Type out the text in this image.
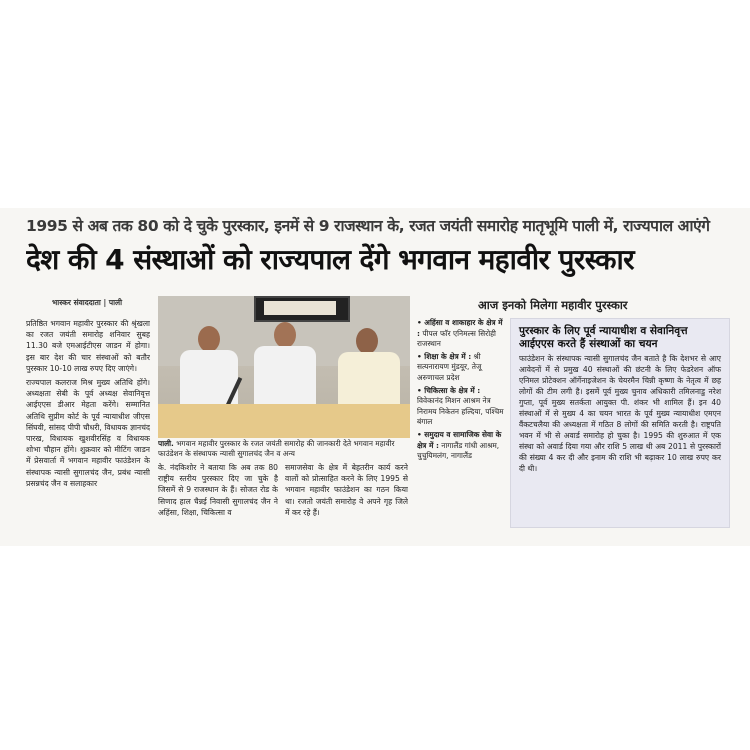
1995 से अब तक 80 को दे चुके पुरस्कार, इनमें से 9 राजस्थान के, रजत जयंती समारोह मातृभूमि पाली में, राज्यपाल आएंगे
देश की 4 संस्थाओं को राज्यपाल देंगे भगवान महावीर पुरस्कार
भास्कर संवाददाता | पाली

प्रतिष्ठित भगवान महावीर पुरस्कार की श्रृंखला का रजत जयंती समारोह शनिवार सुबह 11.30 बजे एमआईटीएस जाडन में होगा। इस बार देश की चार संस्थाओं को बतौर पुरस्कार 10-10 लाख रुपए दिए जाएंगे।

राज्यपाल कलराज मिश्र मुख्य अतिथि होंगे। अध्यक्षता सेबी के पूर्व अध्यक्ष सेवानिवृत्त आईएएस डीआर मेहता करेंगे। सम्मानित अतिथि सुप्रीम कोर्ट के पूर्व न्यायाधीश जीएस सिंघवी, सांसद पीपी चौधरी, विधायक ज्ञानचंद पारख, विधायक खुशवीरसिंह व विधायक शोभा चौहान होंगे। शुक्रवार को मीटिंग जाडन में प्रेसवार्ता में भगवान महावीर फाउंडेशन के संस्थापक न्यासी सुगालचंद जैन, प्रबंध न्यासी प्रसन्नचंद जैन व सलाहकार

पाली. भगवान महावीर पुरस्कार के रजत जयंती समारोह की जानकारी देते भगवान महावीर फाउंडेशन के संस्थापक न्यासी सुगालचंद जैन व अन्य
के. नंदकिशोर ने बताया कि अब तक 80 राष्ट्रीय स्तरीय पुरस्कार दिए जा चुके है जिसमें से 9 राजस्थान के हैं। सोजत रोड के सिणाद हाल चैन्नई निवासी सुगालचंद जैन ने अहिंसा, शिक्षा, चिकित्सा व
समाजसेवा के क्षेत्र में बेहतरीन कार्य करने वालों को प्रोत्साहित करने के लिए 1995 से भगवान महावीर फाउंडेशन का गठन किया था। रजतो जयंती समारोह वे अपने गृह जिले में कर रहे हैं।
आज इनको मिलेगा महावीर पुरस्कार
• अहिंसा व शाकाहार के क्षेत्र में : पीपल फॉर एनिमल्स सिरोही राजस्थान
• शिक्षा के क्षेत्र में : श्री सत्यनारायण मुंडयूर, तेजू अरुणाचल प्रदेश
• चिकित्सा के क्षेत्र में : विवेकानंद मिशन आश्रम नेत्र निरामय निकेतन हल्दिया, पश्चिम बंगाल
• समुदाय व सामाजिक सेवा के क्षेत्र में : नागालैंड गांधी आश्रम, चुचुयिमलंग, नागालैंड
पुरस्कार के लिए पूर्व न्यायाधीश व सेवानिवृत्त आईएएस करते हैं संस्थाओं का चयन
फाउंडेशन के संस्थापक न्यासी सुगालचंद जैन बताते है कि देशभर से आए आवेदनों में से प्रमुख 40 संस्थाओं की छंटनी के लिए फेडरेशन ऑफ एनिमल प्रोटेक्शन ऑर्गेनाइजेशन के चेयरमैन चिन्नी कृष्णा के नेतृत्व में छह लोगों की टीम लगी है। इसमें पूर्व मुख्य चुनाव अधिकारी तमिलनाडु नरेश गुप्ता, पूर्व मुख्य सतर्कता आयुक्त पी. शंकर भी शामिल हैं। इन 40 संस्थाओं में से मुख्य 4 का चयन भारत के पूर्व मुख्य न्यायाधीश एमएन वैंकटचलैया की अध्यक्षता में गठित 8 लोगों की समिति करती है। राष्ट्रपति भवन में भी से अवार्ड समारोह हो चुका है। 1995 की शुरुआत में एक संस्था को अवार्ड दिया गया और राशि 5 लाख थी अब 2011 से पुरस्कारों की संख्या 4 कर दी और इनाम की राशि भी बढ़ाकर 10 लाख रुपए कर दी थी।
